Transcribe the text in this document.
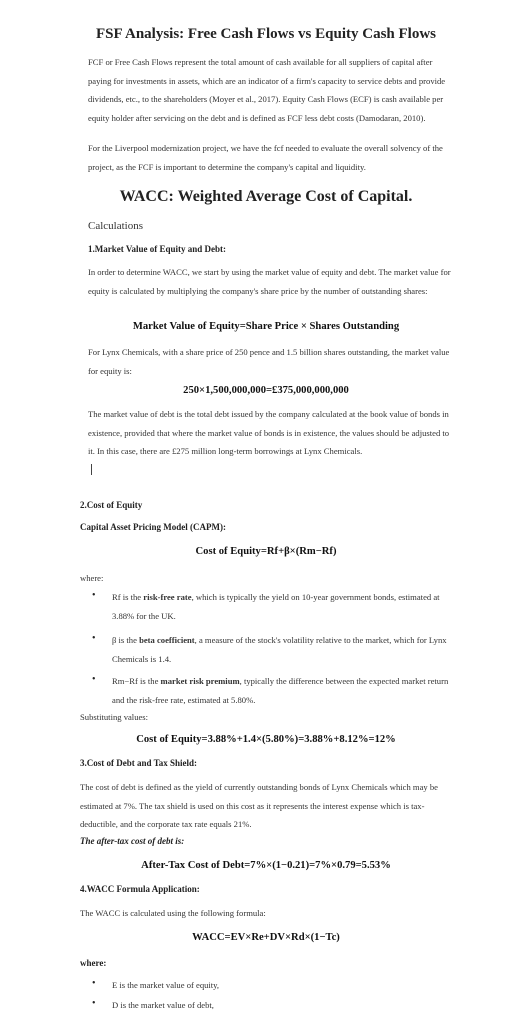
FSF Analysis: Free Cash Flows vs Equity Cash Flows
FCF or Free Cash Flows represent the total amount of cash available for all suppliers of capital after paying for investments in assets, which are an indicator of a firm's capacity to service debts and provide dividends, etc., to the shareholders (Moyer et al., 2017). Equity Cash Flows (ECF) is cash available per equity holder after servicing on the debt and is defined as FCF less debt costs (Damodaran, 2010).
For the Liverpool modernization project, we have the fcf needed to evaluate the overall solvency of the project, as the FCF is important to determine the company's capital and liquidity.
WACC: Weighted Average Cost of Capital.
Calculations
1.Market Value of Equity and Debt:
In order to determine WACC, we start by using the market value of equity and debt. The market value for equity is calculated by multiplying the company's share price by the number of outstanding shares:
Market Value of Equity=Share Price × Shares Outstanding
For Lynx Chemicals, with a share price of 250 pence and 1.5 billion shares outstanding, the market value for equity is:
250×1,500,000,000=£375,000,000,000
The market value of debt is the total debt issued by the company calculated at the book value of bonds in existence, provided that where the market value of bonds is in existence, the values should be adjusted to it. In this case, there are £275 million long-term borrowings at Lynx Chemicals.
2.Cost of Equity
Capital Asset Pricing Model (CAPM):
Cost of Equity=Rf+β×(Rm−Rf)
where:
• Rf is the risk-free rate, which is typically the yield on 10-year government bonds, estimated at 3.88% for the UK.
• β is the beta coefficient, a measure of the stock's volatility relative to the market, which for Lynx Chemicals is 1.4.
• Rm−Rf is the market risk premium, typically the difference between the expected market return and the risk-free rate, estimated at 5.80%.
Substituting values:
Cost of Equity=3.88%+1.4×(5.80%)=3.88%+8.12%=12%
3.Cost of Debt and Tax Shield:
The cost of debt is defined as the yield of currently outstanding bonds of Lynx Chemicals which may be estimated at 7%. The tax shield is used on this cost as it represents the interest expense which is tax-deductible, and the corporate tax rate equals 21%.
The after-tax cost of debt is:
After-Tax Cost of Debt=7%×(1−0.21)=7%×0.79=5.53%
4.WACC Formula Application:
The WACC is calculated using the following formula:
WACC=EV×Re+DV×Rd×(1−Tc)
where:
• E is the market value of equity,
• D is the market value of debt,
